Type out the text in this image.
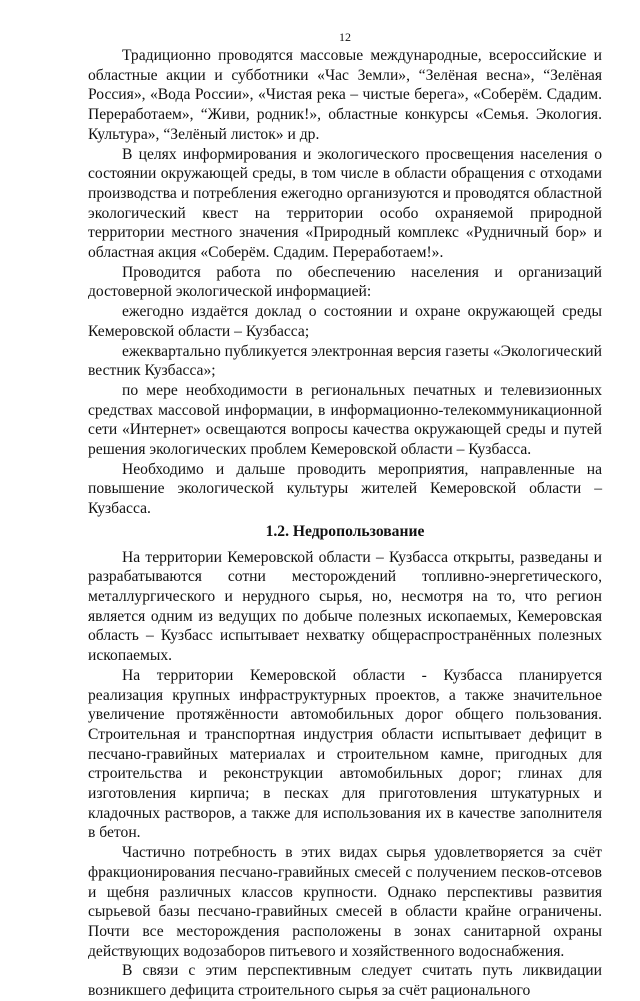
12

Традиционно проводятся массовые международные, всероссийские и областные акции и субботники «Час Земли», “Зелёная весна», “Зелёная Россия», «Вода России», «Чистая река – чистые берега», «Соберём. Сдадим. Переработаем», “Живи, родник!», областные конкурсы «Семья. Экология. Культура», “Зелёный листок» и др.

В целях информирования и экологического просвещения населения о состоянии окружающей среды, в том числе в области обращения с отходами производства и потребления ежегодно организуются и проводятся областной экологический квест на территории особо охраняемой природной территории местного значения «Природный комплекс «Рудничный бор» и областная акция «Соберём. Сдадим. Переработаем!».

Проводится работа по обеспечению населения и организаций достоверной экологической информацией:

ежегодно издаётся доклад о состоянии и охране окружающей среды Кемеровской области – Кузбасса;

ежеквартально публикуется электронная версия газеты «Экологический вестник Кузбасса»;

по мере необходимости в региональных печатных и телевизионных средствах массовой информации, в информационно-телекоммуникационной сети «Интернет» освещаются вопросы качества окружающей среды и путей решения экологических проблем Кемеровской области – Кузбасса.

Необходимо и дальше проводить мероприятия, направленные на повышение экологической культуры жителей Кемеровской области – Кузбасса.

1.2. Недропользование

На территории Кемеровской области – Кузбасса открыты, разведаны и разрабатываются сотни месторождений топливно-энергетического, металлургического и нерудного сырья, но, несмотря на то, что регион является одним из ведущих по добыче полезных ископаемых, Кемеровская область – Кузбасс испытывает нехватку общераспространённых полезных ископаемых.

На территории Кемеровской области - Кузбасса планируется реализация крупных инфраструктурных проектов, а также значительное увеличение протяжённости автомобильных дорог общего пользования. Строительная и транспортная индустрия области испытывает дефицит в песчано-гравийных материалах и строительном камне, пригодных для строительства и реконструкции автомобильных дорог; глинах для изготовления кирпича; в песках для приготовления штукатурных и кладочных растворов, а также для использования их в качестве заполнителя в бетон.

Частично потребность в этих видах сырья удовлетворяется за счёт фракционирования песчано-гравийных смесей с получением песков-отсевов и щебня различных классов крупности. Однако перспективы развития сырьевой базы песчано-гравийных смесей в области крайне ограничены. Почти все месторождения расположены в зонах санитарной охраны действующих водозаборов питьевого и хозяйственного водоснабжения.

В связи с этим перспективным следует считать путь ликвидации возникшего дефицита строительного сырья за счёт рационального
